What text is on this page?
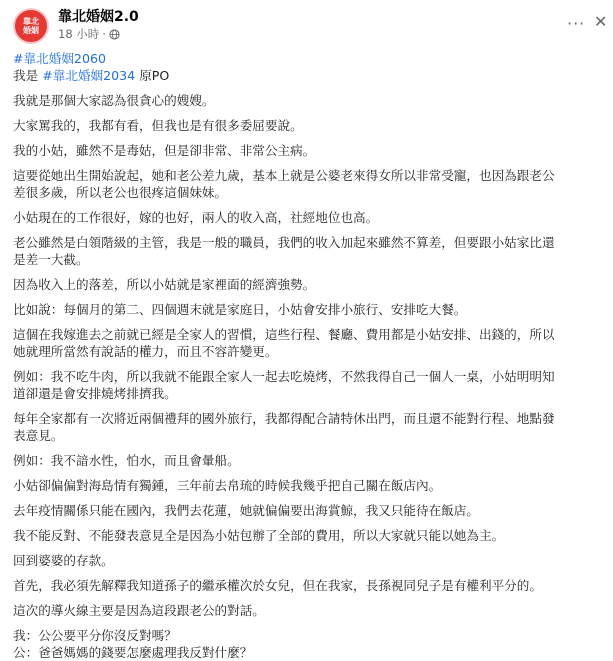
靠北
婚姻
靠北婚姻2.0
18 小時 ·
··· ✕
#靠北婚姻2060
我是 #靠北婚姻2034 原PO
我就是那個大家認為很貪心的嫂嫂。
大家罵我的，我都有看，但我也是有很多委屈要說。
我的小姑，雖然不是毒姑，但是卻非常、非常公主病。
這要從她出生開始說起，她和老公差九歲，基本上就是公婆老來得女所以非常受寵，也因為跟老公
差很多歲，所以老公也很疼這個妹妹。
小姑現在的工作很好，嫁的也好，兩人的收入高，社經地位也高。
老公雖然是白領階級的主管，我是一般的職員，我們的收入加起來雖然不算差，但要跟小姑家比還
是差一大截。
因為收入上的落差，所以小姑就是家裡面的經濟強勢。
比如說：每個月的第二、四個週末就是家庭日，小姑會安排小旅行、安排吃大餐。
這個在我嫁進去之前就已經是全家人的習慣，這些行程、餐廳、費用都是小姑安排、出錢的，所以
她就理所當然有說話的權力，而且不容許變更。
例如：我不吃牛肉，所以我就不能跟全家人一起去吃燒烤，不然我得自己一個人一桌，小姑明明知
道卻還是會安排燒烤排擠我。
每年全家都有一次將近兩個禮拜的國外旅行，我都得配合請特休出門，而且還不能對行程、地點發
表意見。
例如：我不諳水性，怕水，而且會暈船。
小姑卻偏偏對海島情有獨鍾，三年前去帛琉的時候我幾乎把自己關在飯店內。
去年疫情關係只能在國內，我們去花蓮，她就偏偏要出海賞鯨，我又只能待在飯店。
我不能反對、不能發表意見全是因為小姑包辦了全部的費用，所以大家就只能以她為主。
回到婆婆的存款。
首先，我必須先解釋我知道孫子的繼承權次於女兒，但在我家，長孫視同兒子是有權利平分的。
這次的導火線主要是因為這段跟老公的對話。
我：公公要平分你沒反對嗎？
公：爸爸媽媽的錢要怎麼處理我反對什麼？
